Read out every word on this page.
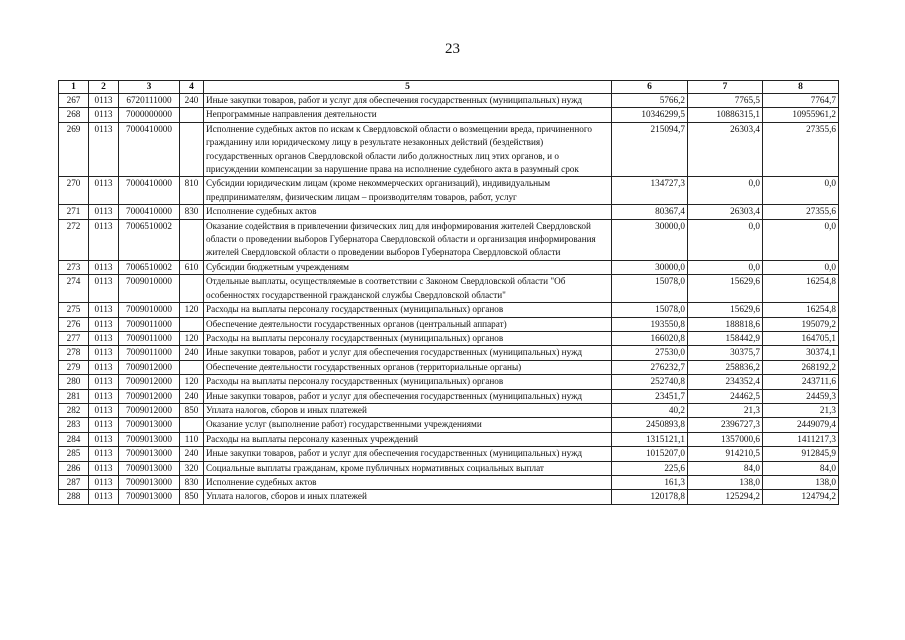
23
1	2	3	4	5	6	7	8
267	0113	6720111000	240	Иные закупки товаров, работ и услуг для обеспечения государственных (муниципальных) нужд	5766,2	7765,5	7764,7
268	0113	7000000000		Непрограммные направления деятельности	10346299,5	10886315,1	10955961,2
269	0113	7000410000		Исполнение судебных актов по искам к Свердловской области о возмещении вреда, причиненного гражданину или юридическому лицу в результате незаконных действий (бездействия) государственных органов Свердловской области либо должностных лиц этих органов, и о присуждении компенсации за нарушение права на исполнение судебного акта в разумный срок	215094,7	26303,4	27355,6
270	0113	7000410000	810	Субсидии юридическим лицам (кроме некоммерческих организаций), индивидуальным предпринимателям, физическим лицам – производителям товаров, работ, услуг	134727,3	0,0	0,0
271	0113	7000410000	830	Исполнение судебных актов	80367,4	26303,4	27355,6
272	0113	7006510002		Оказание содействия в привлечении физических лиц для информирования жителей Свердловской области о проведении выборов Губернатора Свердловской области и организация информирования жителей Свердловской области о проведении выборов Губернатора Свердловской области	30000,0	0,0	0,0
273	0113	7006510002	610	Субсидии бюджетным учреждениям	30000,0	0,0	0,0
274	0113	7009010000		Отдельные выплаты, осуществляемые в соответствии с Законом Свердловской области "Об особенностях государственной гражданской службы Свердловской области"	15078,0	15629,6	16254,8
275	0113	7009010000	120	Расходы на выплаты персоналу государственных (муниципальных) органов	15078,0	15629,6	16254,8
276	0113	7009011000		Обеспечение деятельности государственных органов (центральный аппарат)	193550,8	188818,6	195079,2
277	0113	7009011000	120	Расходы на выплаты персоналу государственных (муниципальных) органов	166020,8	158442,9	164705,1
278	0113	7009011000	240	Иные закупки товаров, работ и услуг для обеспечения государственных (муниципальных) нужд	27530,0	30375,7	30374,1
279	0113	7009012000		Обеспечение деятельности государственных органов (территориальные органы)	276232,7	258836,2	268192,2
280	0113	7009012000	120	Расходы на выплаты персоналу государственных (муниципальных) органов	252740,8	234352,4	243711,6
281	0113	7009012000	240	Иные закупки товаров, работ и услуг для обеспечения государственных (муниципальных) нужд	23451,7	24462,5	24459,3
282	0113	7009012000	850	Уплата налогов, сборов и иных платежей	40,2	21,3	21,3
283	0113	7009013000		Оказание услуг (выполнение работ) государственными учреждениями	2450893,8	2396727,3	2449079,4
284	0113	7009013000	110	Расходы на выплаты персоналу казенных учреждений	1315121,1	1357000,6	1411217,3
285	0113	7009013000	240	Иные закупки товаров, работ и услуг для обеспечения государственных (муниципальных) нужд	1015207,0	914210,5	912845,9
286	0113	7009013000	320	Социальные выплаты гражданам, кроме публичных нормативных социальных выплат	225,6	84,0	84,0
287	0113	7009013000	830	Исполнение судебных актов	161,3	138,0	138,0
288	0113	7009013000	850	Уплата налогов, сборов и иных платежей	120178,8	125294,2	124794,2
